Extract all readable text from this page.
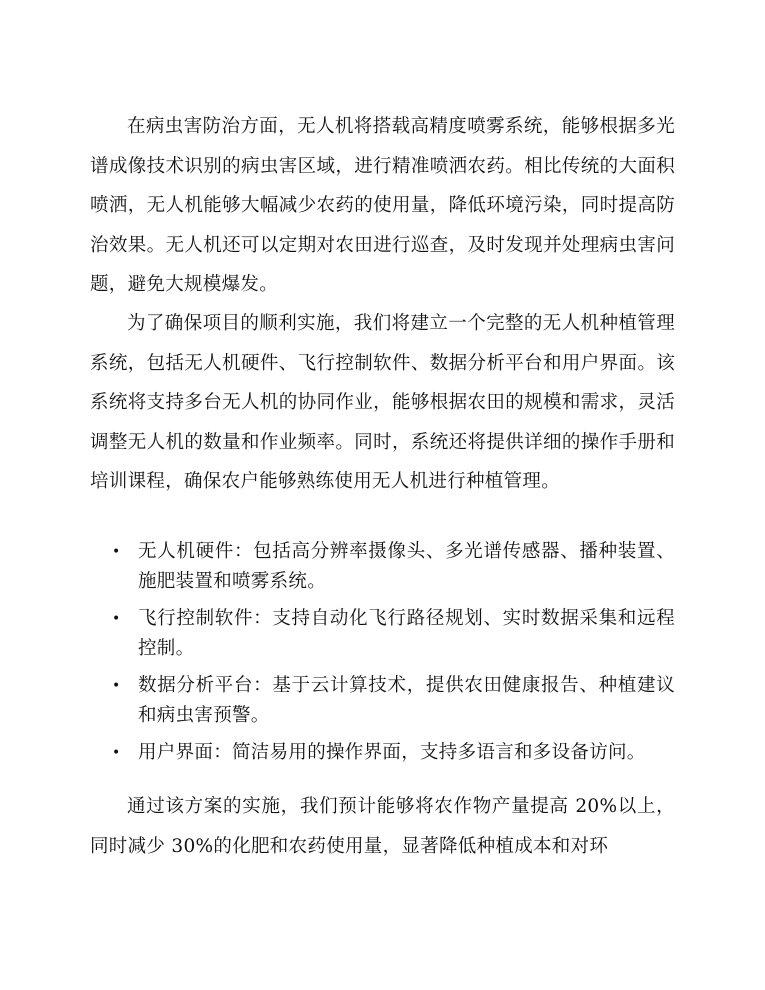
在病虫害防治方面，无人机将搭载高精度喷雾系统，能够根据多光谱成像技术识别的病虫害区域，进行精准喷洒农药。相比传统的大面积喷洒，无人机能够大幅减少农药的使用量，降低环境污染，同时提高防治效果。无人机还可以定期对农田进行巡查，及时发现并处理病虫害问题，避免大规模爆发。

为了确保项目的顺利实施，我们将建立一个完整的无人机种植管理系统，包括无人机硬件、飞行控制软件、数据分析平台和用户界面。该系统将支持多台无人机的协同作业，能够根据农田的规模和需求，灵活调整无人机的数量和作业频率。同时，系统还将提供详细的操作手册和培训课程，确保农户能够熟练使用无人机进行种植管理。

• 无人机硬件：包括高分辨率摄像头、多光谱传感器、播种装置、施肥装置和喷雾系统。
• 飞行控制软件：支持自动化飞行路径规划、实时数据采集和远程控制。
• 数据分析平台：基于云计算技术，提供农田健康报告、种植建议和病虫害预警。
• 用户界面：简洁易用的操作界面，支持多语言和多设备访问。

通过该方案的实施，我们预计能够将农作物产量提高 20%以上，同时减少 30%的化肥和农药使用量，显著降低种植成本和对环
